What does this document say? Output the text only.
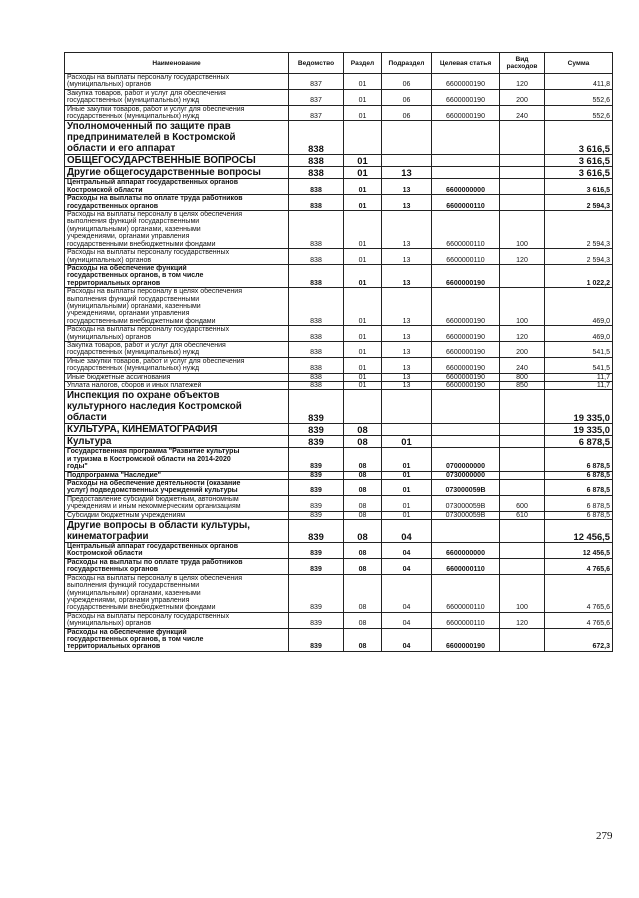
Наименование	Ведомство	Раздел	Подраздел	Целевая статья	Вид расходов	Сумма
Расходы на выплаты персоналу государственных
(муниципальных) органов	837	01	06	6600000190	120	411,8
Закупка товаров, работ и услуг для обеспечения
государственных (муниципальных) нужд	837	01	06	6600000190	200	552,6
Иные закупки товаров, работ и услуг для обеспечения
государственных (муниципальных) нужд	837	01	06	6600000190	240	552,6
Уполномоченный по защите прав
предпринимателей в Костромской
области и его аппарат	838					3 616,5
ОБЩЕГОСУДАРСТВЕННЫЕ ВОПРОСЫ	838	01				3 616,5
Другие общегосударственные вопросы	838	01	13			3 616,5
Центральный аппарат государственных органов
Костромской области	838	01	13	6600000000		3 616,5
Расходы на выплаты по оплате труда работников
государственных органов	838	01	13	6600000110		2 594,3
Расходы на выплаты персоналу в целях обеспечения
выполнения функций государственными
(муниципальными) органами, казенными
учреждениями, органами управления
государственными внебюджетными фондами	838	01	13	6600000110	100	2 594,3
Расходы на выплаты персоналу государственных
(муниципальных) органов	838	01	13	6600000110	120	2 594,3
Расходы на обеспечение функций
государственных органов, в том числе
территориальных органов	838	01	13	6600000190		1 022,2
Расходы на выплаты персоналу в целях обеспечения
выполнения функций государственными
(муниципальными) органами, казенными
учреждениями, органами управления
государственными внебюджетными фондами	838	01	13	6600000190	100	469,0
Расходы на выплаты персоналу государственных
(муниципальных) органов	838	01	13	6600000190	120	469,0
Закупка товаров, работ и услуг для обеспечения
государственных (муниципальных) нужд	838	01	13	6600000190	200	541,5
Иные закупки товаров, работ и услуг для обеспечения
государственных (муниципальных) нужд	838	01	13	6600000190	240	541,5
Иные бюджетные ассигнования	838	01	13	6600000190	800	11,7
Уплата налогов, сборов и иных платежей	838	01	13	6600000190	850	11,7
Инспекция по охране объектов
культурного наследия Костромской
области	839					19 335,0
КУЛЬТУРА, КИНЕМАТОГРАФИЯ	839	08				19 335,0
Культура	839	08	01			6 878,5
Государственная программа "Развитие культуры
и туризма в Костромской области на 2014-2020
годы"	839	08	01	0700000000		6 878,5
Подпрограмма "Наследие"	839	08	01	0730000000		6 878,5
Расходы на обеспечение деятельности (оказание
услуг) подведомственных учреждений культуры	839	08	01	073000059В		6 878,5
Предоставление субсидий бюджетным, автономным
учреждениям и иным некоммерческим организациям	839	08	01	073000059В	600	6 878,5
Субсидии бюджетным учреждениям	839	08	01	073000059В	610	6 878,5
Другие вопросы в области культуры,
кинематографии	839	08	04			12 456,5
Центральный аппарат государственных органов
Костромской области	839	08	04	6600000000		12 456,5
Расходы на выплаты по оплате труда работников
государственных органов	839	08	04	6600000110		4 765,6
Расходы на выплаты персоналу в целях обеспечения
выполнения функций государственными
(муниципальными) органами, казенными
учреждениями, органами управления
государственными внебюджетными фондами	839	08	04	6600000110	100	4 765,6
Расходы на выплаты персоналу государственных
(муниципальных) органов	839	08	04	6600000110	120	4 765,6
Расходы на обеспечение функций
государственных органов, в том числе
территориальных органов	839	08	04	6600000190		672,3
279
